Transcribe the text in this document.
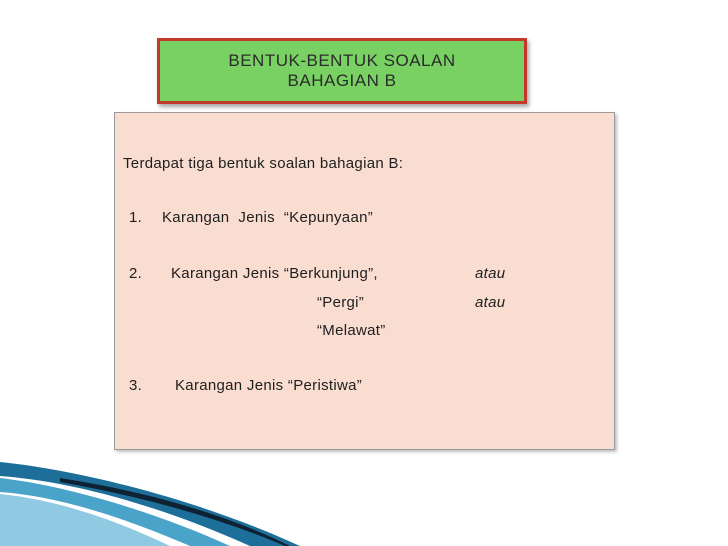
BENTUK-BENTUK SOALAN
BAHAGIAN B
Terdapat tiga bentuk soalan bahagian B:
1. Karangan  Jenis  “Kepunyaan”
2. Karangan Jenis “Berkunjung”,	atau
“Pergi”	atau
“Melawat”
3. Karangan Jenis “Peristiwa”
